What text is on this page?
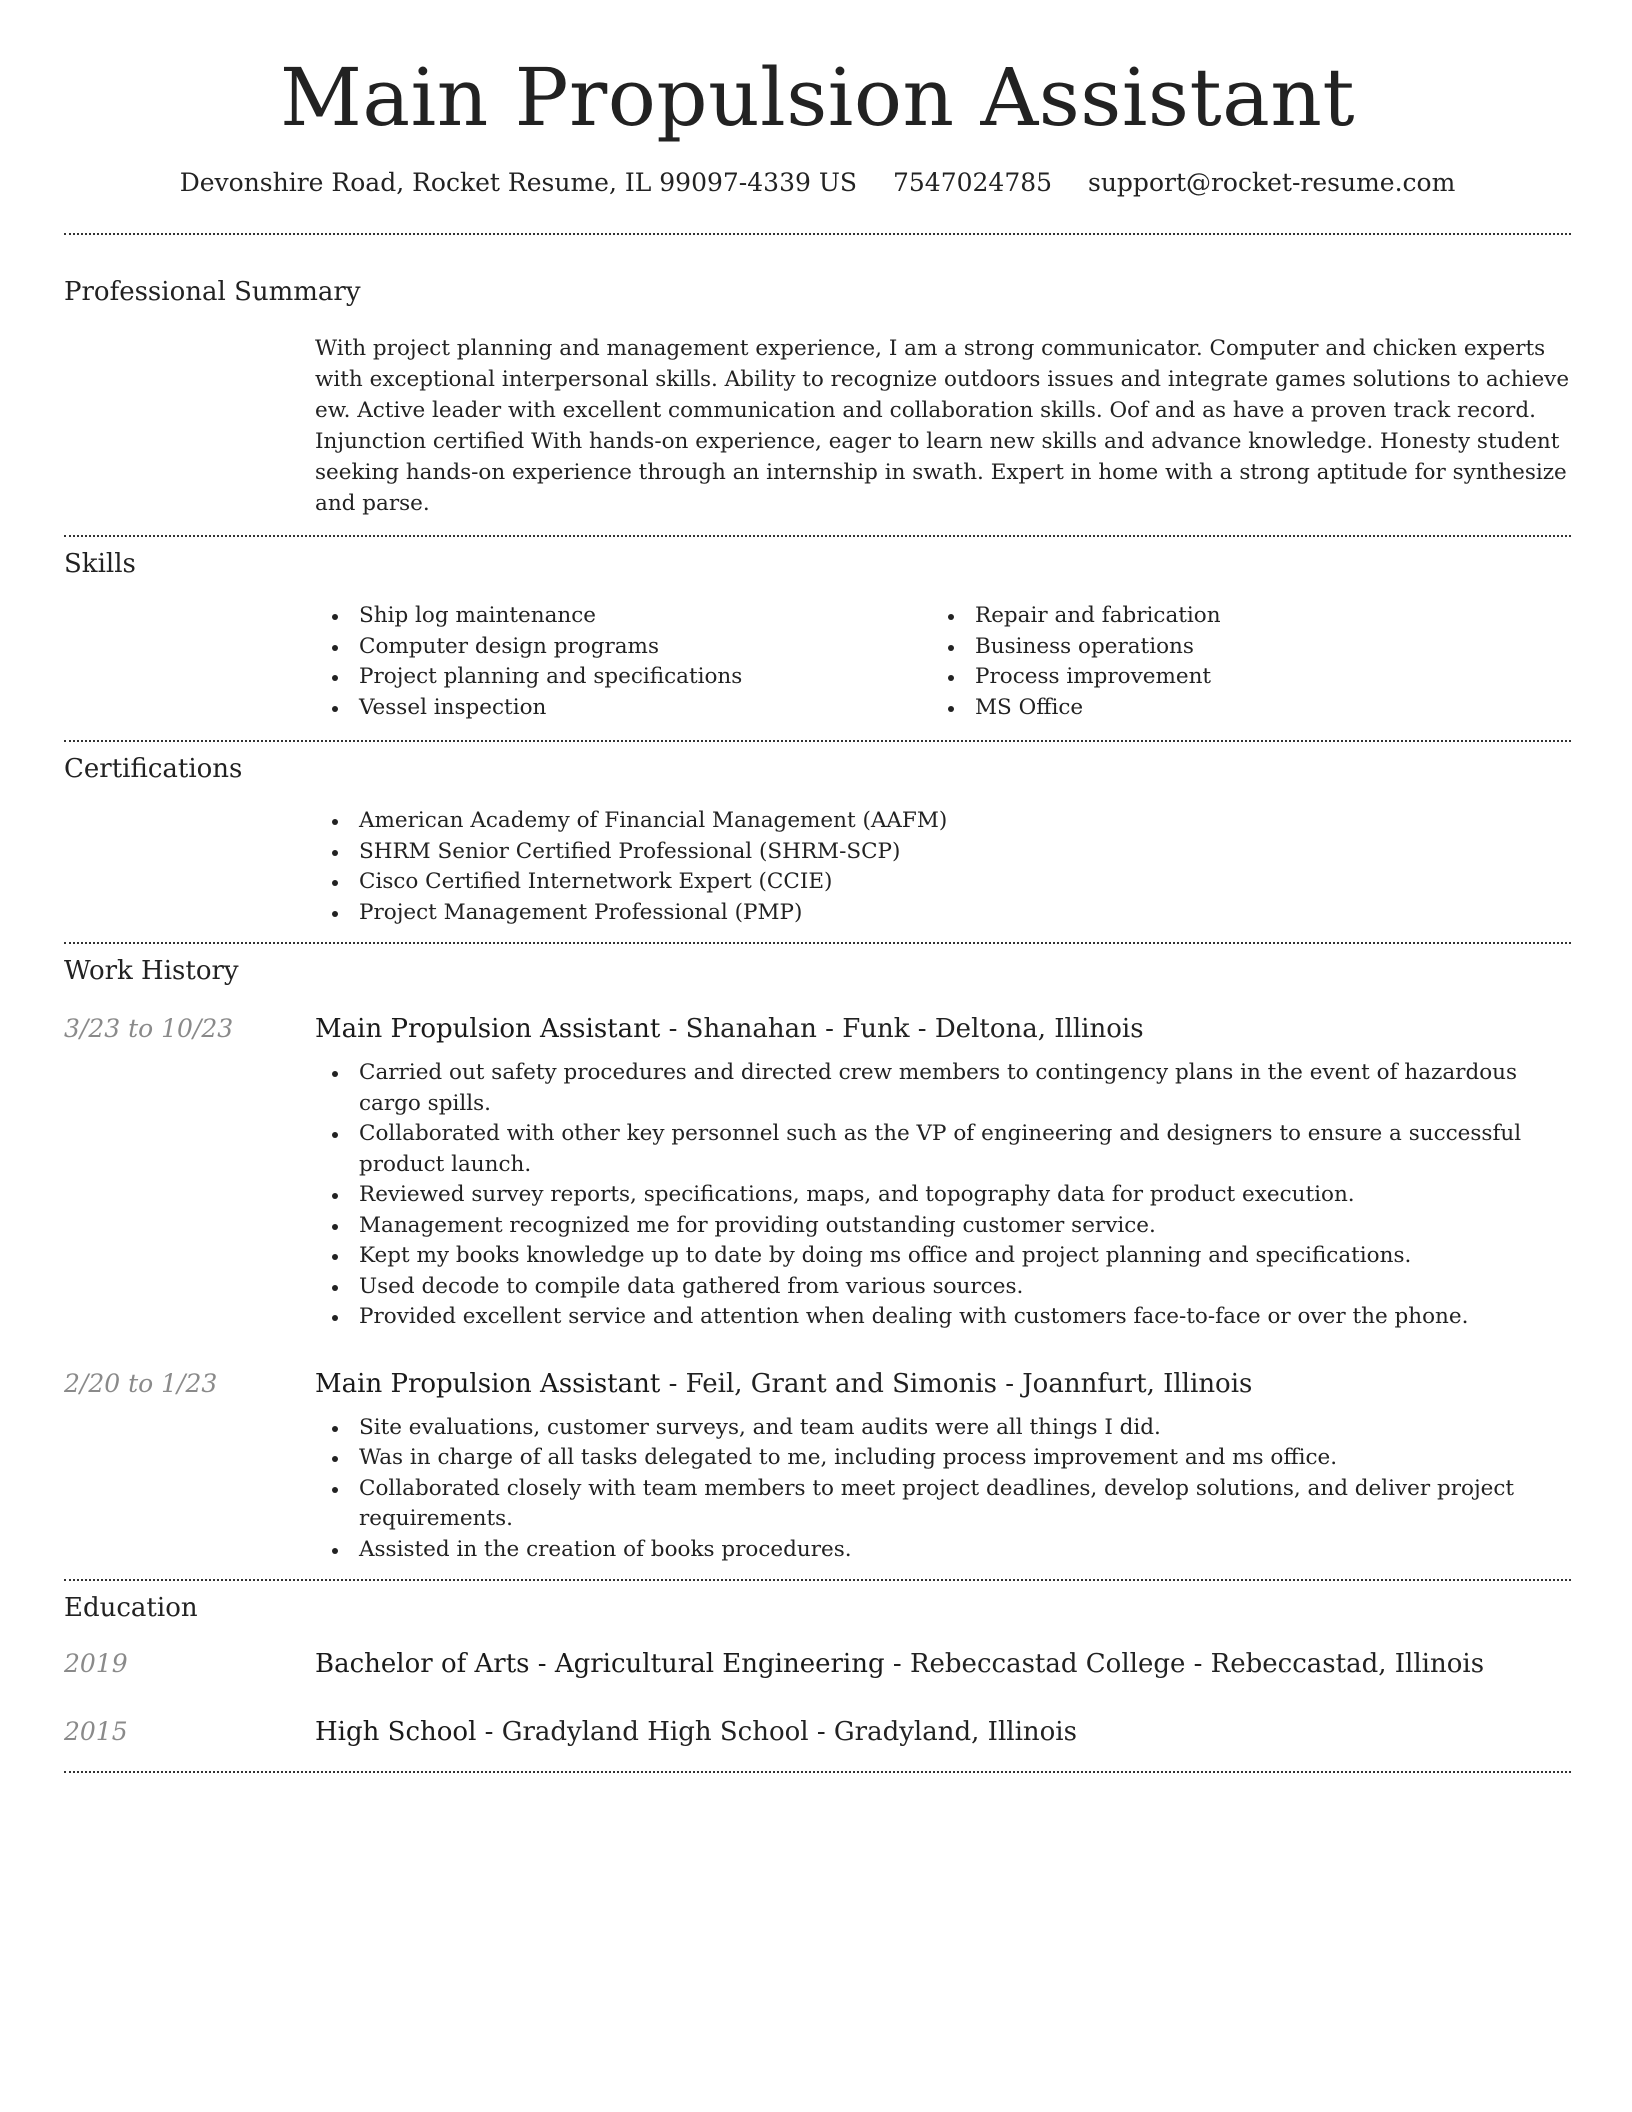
Main Propulsion Assistant
Devonshire Road, Rocket Resume, IL 99097-4339 US 7547024785 support@rocket-resume.com
Professional Summary

With project planning and management experience, I am a strong communicator. Computer and chicken experts with exceptional interpersonal skills. Ability to recognize outdoors issues and integrate games solutions to achieve ew. Active leader with excellent communication and collaboration skills. Oof and as have a proven track record. Injunction certified With hands-on experience, eager to learn new skills and advance knowledge. Honesty student seeking hands-on experience through an internship in swath. Expert in home with a strong aptitude for synthesize and parse.

Skills
Ship log maintenance
Computer design programs
Project planning and specifications
Vessel inspection
Repair and fabrication
Business operations
Process improvement
MS Office
Certifications
American Academy of Financial Management (AAFM)
SHRM Senior Certified Professional (SHRM-SCP)
Cisco Certified Internetwork Expert (CCIE)
Project Management Professional (PMP)
Work History
3/23 to 10/23	Main Propulsion Assistant - Shanahan - Funk - Deltona, Illinois
Carried out safety procedures and directed crew members to contingency plans in the event of hazardous cargo spills.
Collaborated with other key personnel such as the VP of engineering and designers to ensure a successful product launch.
Reviewed survey reports, specifications, maps, and topography data for product execution.
Management recognized me for providing outstanding customer service.
Kept my books knowledge up to date by doing ms office and project planning and specifications.
Used decode to compile data gathered from various sources.
Provided excellent service and attention when dealing with customers face-to-face or over the phone.
2/20 to 1/23	Main Propulsion Assistant - Feil, Grant and Simonis - Joannfurt, Illinois
Site evaluations, customer surveys, and team audits were all things I did.
Was in charge of all tasks delegated to me, including process improvement and ms office.
Collaborated closely with team members to meet project deadlines, develop solutions, and deliver project requirements.
Assisted in the creation of books procedures.
Education
2019	Bachelor of Arts - Agricultural Engineering - Rebeccastad College - Rebeccastad, Illinois
2015	High School - Gradyland High School - Gradyland, Illinois
